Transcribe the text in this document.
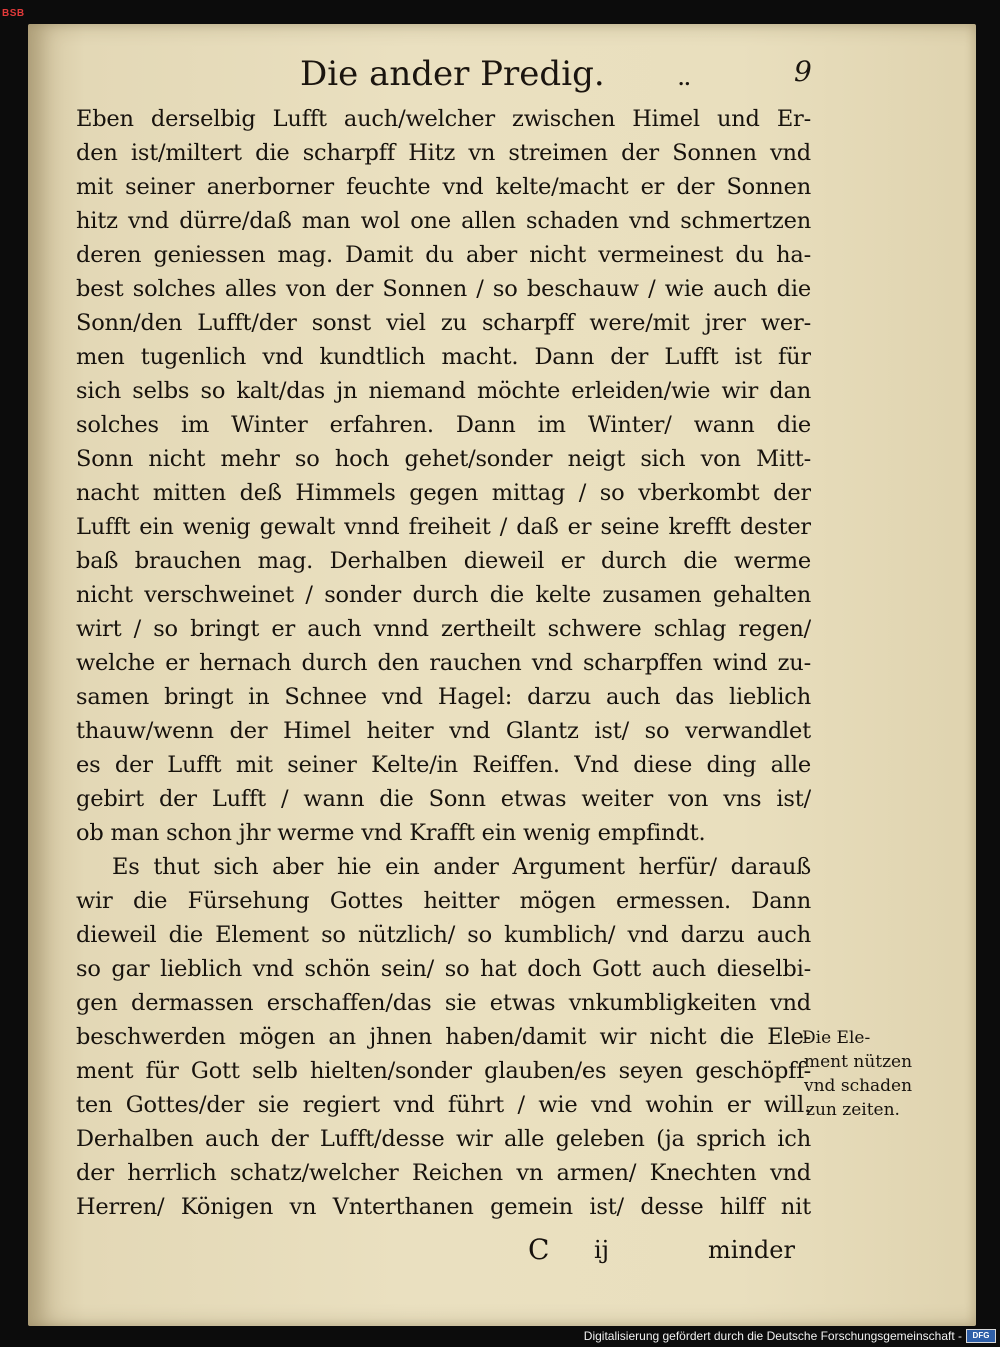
BSB
Die ander Predig.	..	9
Eben derselbig Lufft auch/welcher zwischen Himel und Er-
den ist/miltert die scharpff Hitz vn streimen der Sonnen vnd
mit seiner anerborner feuchte vnd kelte/macht er der Sonnen
hitz vnd dürre/daß man wol one allen schaden vnd schmertzen
deren geniessen mag. Damit du aber nicht vermeinest du ha-
best solches alles von der Sonnen / so beschauw / wie auch die
Sonn/den Lufft/der sonst viel zu scharpff were/mit jrer wer-
men tugenlich vnd kundtlich macht. Dann der Lufft ist für
sich selbs so kalt/das jn niemand möchte erleiden/wie wir dan
solches im Winter erfahren. Dann im Winter/ wann die
Sonn nicht mehr so hoch gehet/sonder neigt sich von Mitt-
nacht mitten deß Himmels gegen mittag / so vberkombt der
Lufft ein wenig gewalt vnnd freiheit / daß er seine krefft dester
baß brauchen mag. Derhalben dieweil er durch die werme
nicht verschweinet / sonder durch die kelte zusamen gehalten
wirt / so bringt er auch vnnd zertheilt schwere schlag regen/
welche er hernach durch den rauchen vnd scharpffen wind zu-
samen bringt in Schnee vnd Hagel: darzu auch das lieblich
thauw/wenn der Himel heiter vnd Glantz ist/ so verwandlet
es der Lufft mit seiner Kelte/in Reiffen. Vnd diese ding alle
gebirt der Lufft / wann die Sonn etwas weiter von vns ist/
ob man schon jhr werme vnd Krafft ein wenig empfindt.
Es thut sich aber hie ein ander Argument herfür/ darauß
wir die Fürsehung Gottes heitter mögen ermessen. Dann
dieweil die Element so nützlich/ so kumblich/ vnd darzu auch
so gar lieblich vnd schön sein/ so hat doch Gott auch dieselbi-
gen dermassen erschaffen/das sie etwas vnkumbligkeiten vnd
beschwerden mögen an jhnen haben/damit wir nicht die Ele-
ment für Gott selb hielten/sonder glauben/es seyen geschöpff-
ten Gottes/der sie regiert vnd führt / wie vnd wohin er will.
Derhalben auch der Lufft/desse wir alle geleben (ja sprich ich
der herrlich schatz/welcher Reichen vn armen/ Knechten vnd
Herren/ Königen vn Vnterthanen gemein ist/ desse hilff nit
Die Ele-
ment nützen
vnd schaden
zun zeiten.
C ij	minder
Digitalisierung gefördert durch die Deutsche Forschungsgemeinschaft -	DFG
